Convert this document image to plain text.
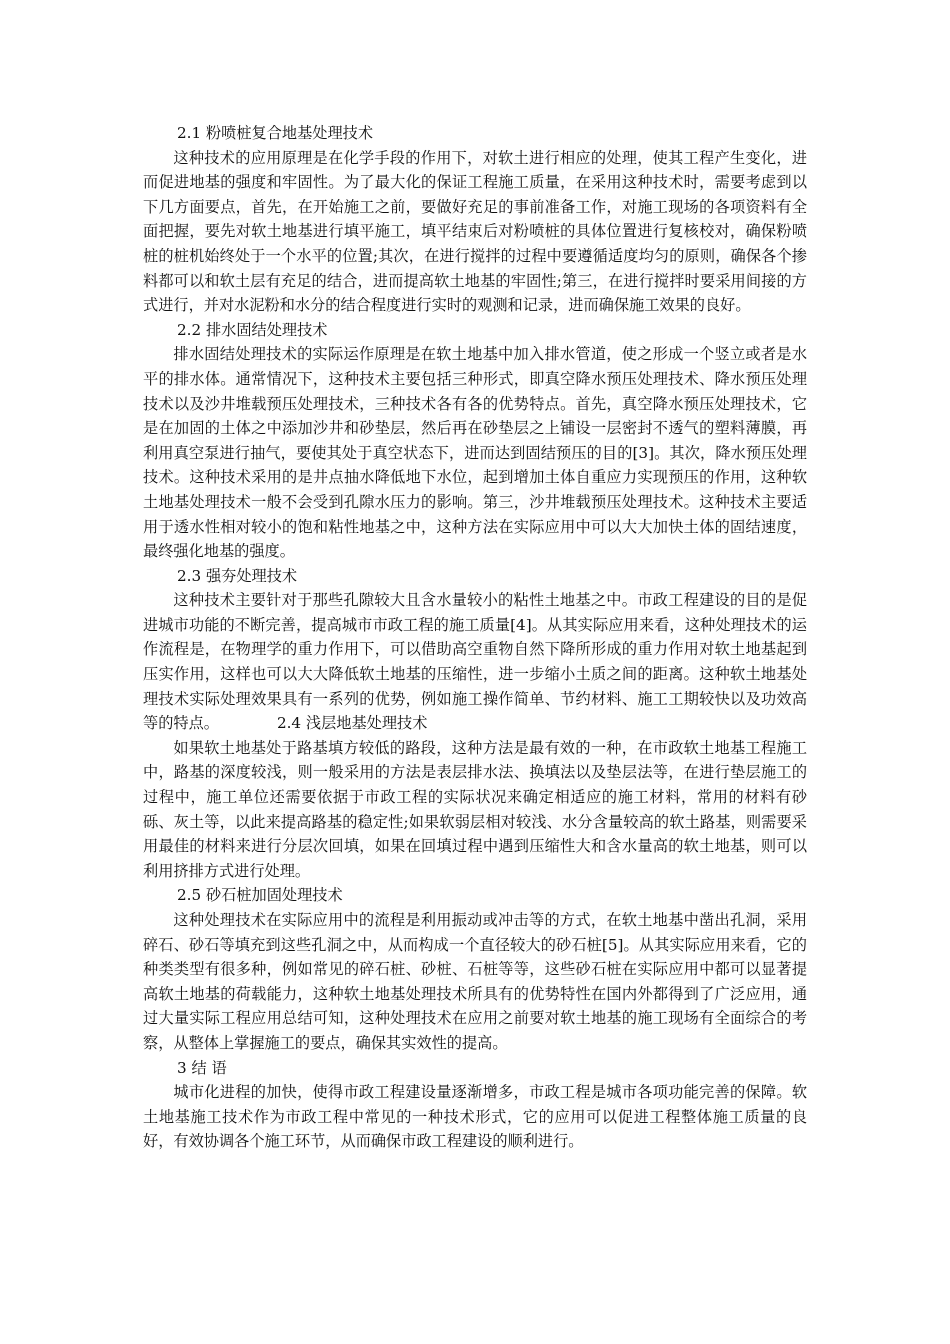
2.1 粉喷桩复合地基处理技术

这种技术的应用原理是在化学手段的作用下，对软土进行相应的处理，使其工程产生变化，进而促进地基的强度和牢固性。为了最大化的保证工程施工质量，在采用这种技术时，需要考虑到以下几方面要点，首先，在开始施工之前，要做好充足的事前准备工作，对施工现场的各项资料有全面把握，要先对软土地基进行填平施工，填平结束后对粉喷桩的具体位置进行复核校对，确保粉喷桩的桩机始终处于一个水平的位置;其次，在进行搅拌的过程中要遵循适度均匀的原则，确保各个掺料都可以和软土层有充足的结合，进而提高软土地基的牢固性;第三，在进行搅拌时要采用间接的方式进行，并对水泥粉和水分的结合程度进行实时的观测和记录，进而确保施工效果的良好。

2.2 排水固结处理技术

排水固结处理技术的实际运作原理是在软土地基中加入排水管道，使之形成一个竖立或者是水平的排水体。通常情况下，这种技术主要包括三种形式，即真空降水预压处理技术、降水预压处理技术以及沙井堆载预压处理技术，三种技术各有各的优势特点。首先，真空降水预压处理技术，它是在加固的土体之中添加沙井和砂垫层，然后再在砂垫层之上铺设一层密封不透气的塑料薄膜，再利用真空泵进行抽气，要使其处于真空状态下，进而达到固结预压的目的[3]。其次，降水预压处理技术。这种技术采用的是井点抽水降低地下水位，起到增加土体自重应力实现预压的作用，这种软土地基处理技术一般不会受到孔隙水压力的影响。第三，沙井堆载预压处理技术。这种技术主要适用于透水性相对较小的饱和粘性地基之中，这种方法在实际应用中可以大大加快土体的固结速度，最终强化地基的强度。

2.3 强夯处理技术

这种技术主要针对于那些孔隙较大且含水量较小的粘性土地基之中。市政工程建设的目的是促进城市功能的不断完善，提高城市市政工程的施工质量[4]。从其实际应用来看，这种处理技术的运作流程是，在物理学的重力作用下，可以借助高空重物自然下降所形成的重力作用对软土地基起到压实作用，这样也可以大大降低软土地基的压缩性，进一步缩小土质之间的距离。这种软土地基处理技术实际处理效果具有一系列的优势，例如施工操作简单、节约材料、施工工期较快以及功效高等的特点。	2.4 浅层地基处理技术

如果软土地基处于路基填方较低的路段，这种方法是最有效的一种，在市政软土地基工程施工中，路基的深度较浅，则一般采用的方法是表层排水法、换填法以及垫层法等，在进行垫层施工的过程中，施工单位还需要依据于市政工程的实际状况来确定相适应的施工材料，常用的材料有砂砾、灰土等，以此来提高路基的稳定性;如果软弱层相对较浅、水分含量较高的软土路基，则需要采用最佳的材料来进行分层次回填，如果在回填过程中遇到压缩性大和含水量高的软土地基，则可以利用挤排方式进行处理。

2.5 砂石桩加固处理技术

这种处理技术在实际应用中的流程是利用振动或冲击等的方式，在软土地基中凿出孔洞，采用碎石、砂石等填充到这些孔洞之中，从而构成一个直径较大的砂石桩[5]。从其实际应用来看，它的种类类型有很多种，例如常见的碎石桩、砂桩、石桩等等，这些砂石桩在实际应用中都可以显著提高软土地基的荷载能力，这种软土地基处理技术所具有的优势特性在国内外都得到了广泛应用，通过大量实际工程应用总结可知，这种处理技术在应用之前要对软土地基的施工现场有全面综合的考察，从整体上掌握施工的要点，确保其实效性的提高。

3 结 语

城市化进程的加快，使得市政工程建设量逐渐增多，市政工程是城市各项功能完善的保障。软土地基施工技术作为市政工程中常见的一种技术形式，它的应用可以促进工程整体施工质量的良好，有效协调各个施工环节，从而确保市政工程建设的顺利进行。
